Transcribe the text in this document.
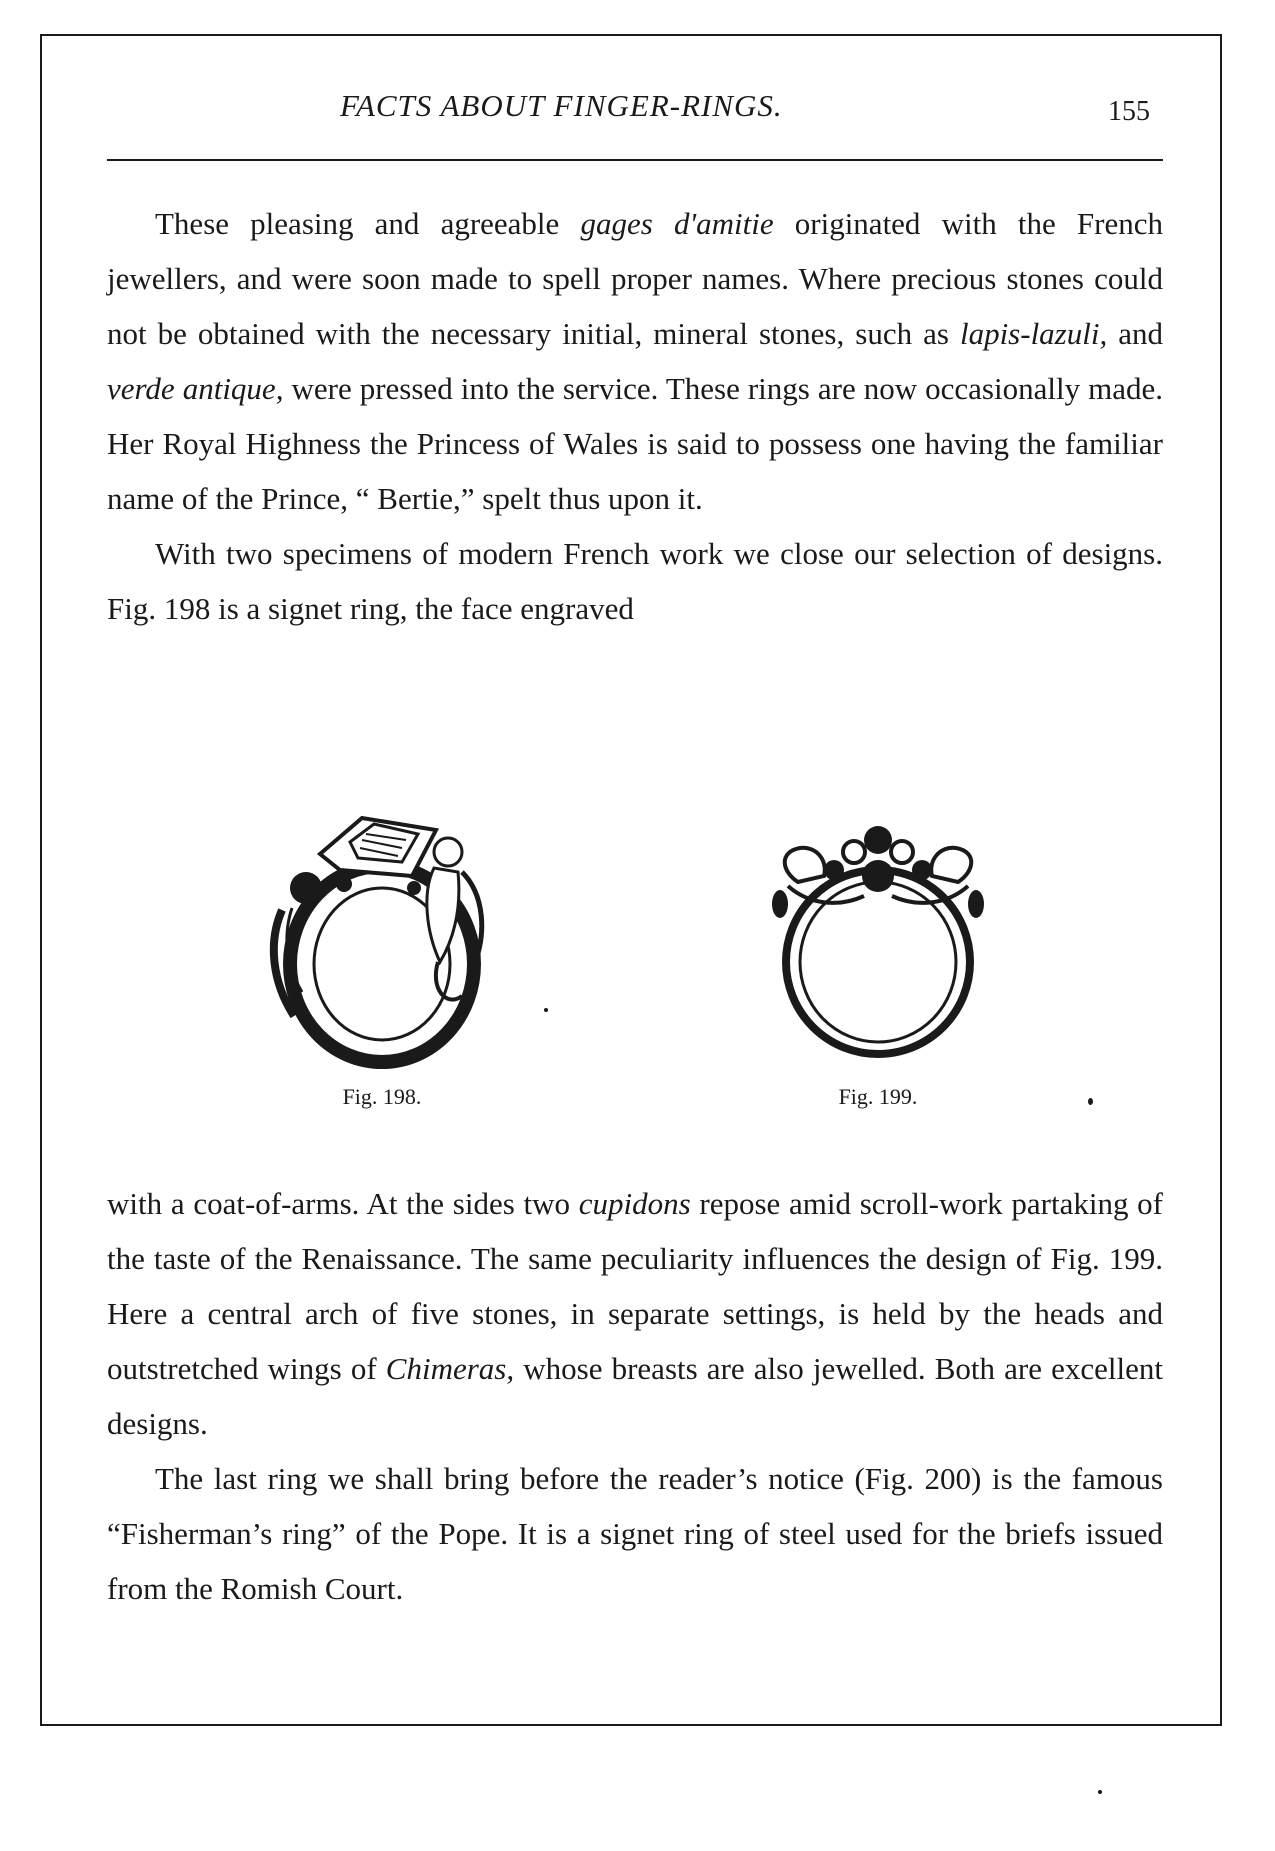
FACTS ABOUT FINGER-RINGS.	155

These pleasing and agreeable gages d'amitie originated with the French jewellers, and were soon made to spell proper names. Where precious stones could not be obtained with the necessary initial, mineral stones, such as lapis-lazuli, and verde antique, were pressed into the service. These rings are now occasionally made. Her Royal Highness the Princess of Wales is said to possess one having the familiar name of the Prince, “ Bertie,” spelt thus upon it.

With two specimens of modern French work we close our selection of designs. Fig. 198 is a signet ring, the face engraved

Fig. 198.	Fig. 199.

with a coat-of-arms. At the sides two cupidons repose amid scroll-work partaking of the taste of the Renaissance. The same peculiarity influences the design of Fig. 199. Here a central arch of five stones, in separate settings, is held by the heads and outstretched wings of Chimeras, whose breasts are also jewelled. Both are excellent designs.

The last ring we shall bring before the reader’s notice (Fig. 200) is the famous “Fisherman’s ring” of the Pope. It is a signet ring of steel used for the briefs issued from the Romish Court.
